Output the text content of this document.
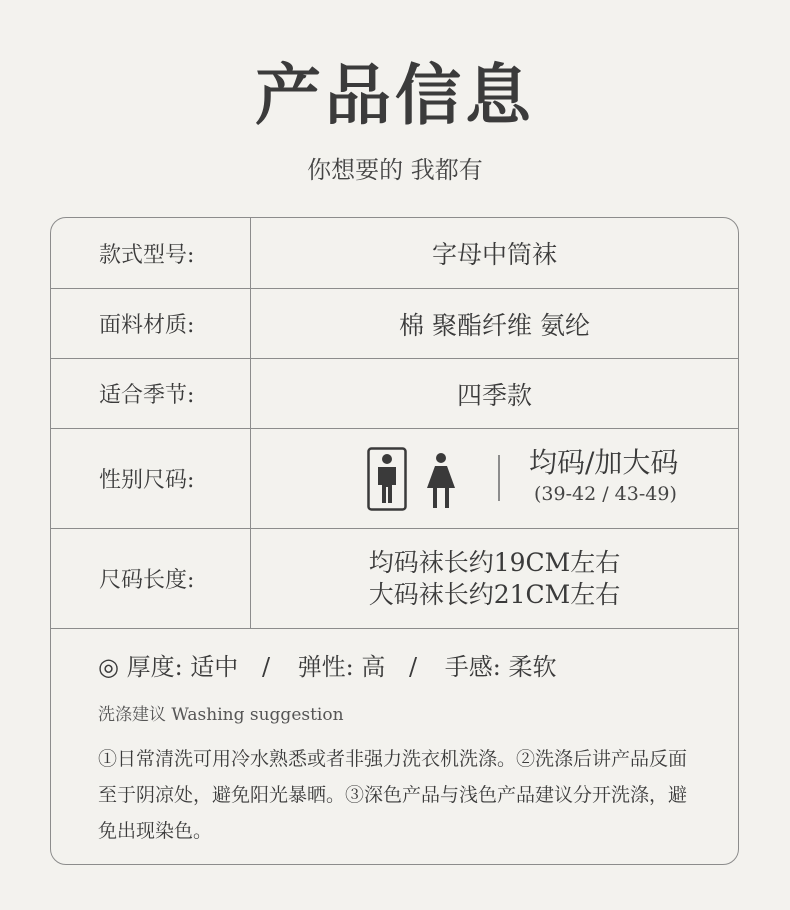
产品信息
你想要的 我都有
款式型号:	字母中筒袜
面料材质:	棉 聚酯纤维 氨纶
适合季节:	四季款
性别尺码:
均码/加大码
(39-42 / 43-49)
尺码长度:
均码袜长约19CM左右
大码袜长约21CM左右
◎ 厚度: 适中 / 弹性: 高 / 手感: 柔软
洗涤建议 Washing suggestion
①日常清洗可用冷水熟悉或者非强力洗衣机洗涤。②洗涤后讲产品反面至于阴凉处，避免阳光暴晒。③深色产品与浅色产品建议分开洗涤，避免出现染色。
